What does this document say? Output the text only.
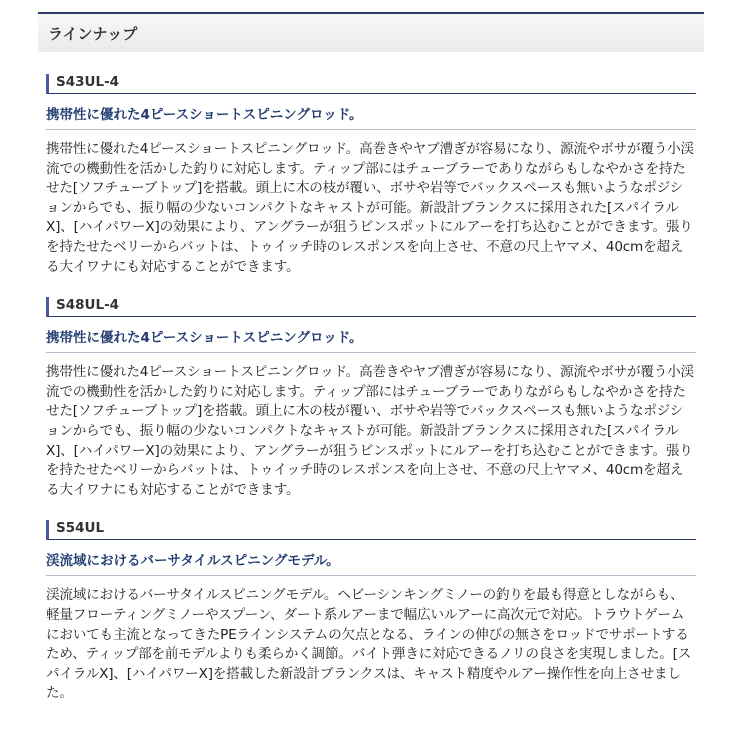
ラインナップ
S43UL-4
携帯性に優れた4ピースショートスピニングロッド。

携帯性に優れた4ピースショートスピニングロッド。高巻きやヤブ漕ぎが容易になり、源流やボサが覆う小渓流での機動性を活かした釣りに対応します。ティップ部にはチューブラーでありながらもしなやかさを持たせた[ソフチューブトップ]を搭載。頭上に木の枝が覆い、ボサや岩等でバックスペースも無いようなポジションからでも、振り幅の少ないコンパクトなキャストが可能。新設計ブランクスに採用された[スパイラルX]、[ハイパワーX]の効果により、アングラーが狙うピンスポットにルアーを打ち込むことができます。張りを持たせたベリーからバットは、トゥイッチ時のレスポンスを向上させ、不意の尺上ヤマメ、40cmを超える大イワナにも対応することができます。

S48UL-4
携帯性に優れた4ピースショートスピニングロッド。

携帯性に優れた4ピースショートスピニングロッド。高巻きやヤブ漕ぎが容易になり、源流やボサが覆う小渓流での機動性を活かした釣りに対応します。ティップ部にはチューブラーでありながらもしなやかさを持たせた[ソフチューブトップ]を搭載。頭上に木の枝が覆い、ボサや岩等でバックスペースも無いようなポジションからでも、振り幅の少ないコンパクトなキャストが可能。新設計ブランクスに採用された[スパイラルX]、[ハイパワーX]の効果により、アングラーが狙うピンスポットにルアーを打ち込むことができます。張りを持たせたベリーからバットは、トゥイッチ時のレスポンスを向上させ、不意の尺上ヤマメ、40cmを超える大イワナにも対応することができます。

S54UL
渓流域におけるバーサタイルスピニングモデル。

渓流域におけるバーサタイルスピニングモデル。ヘビーシンキングミノーの釣りを最も得意としながらも、軽量フローティングミノーやスプーン、ダート系ルアーまで幅広いルアーに高次元で対応。トラウトゲームにおいても主流となってきたPEラインシステムの欠点となる、ラインの伸びの無さをロッドでサポートするため、ティップ部を前モデルよりも柔らかく調節。バイト弾きに対応できるノリの良さを実現しました。[スパイラルX]、[ハイパワーX]を搭載した新設計ブランクスは、キャスト精度やルアー操作性を向上させました。
